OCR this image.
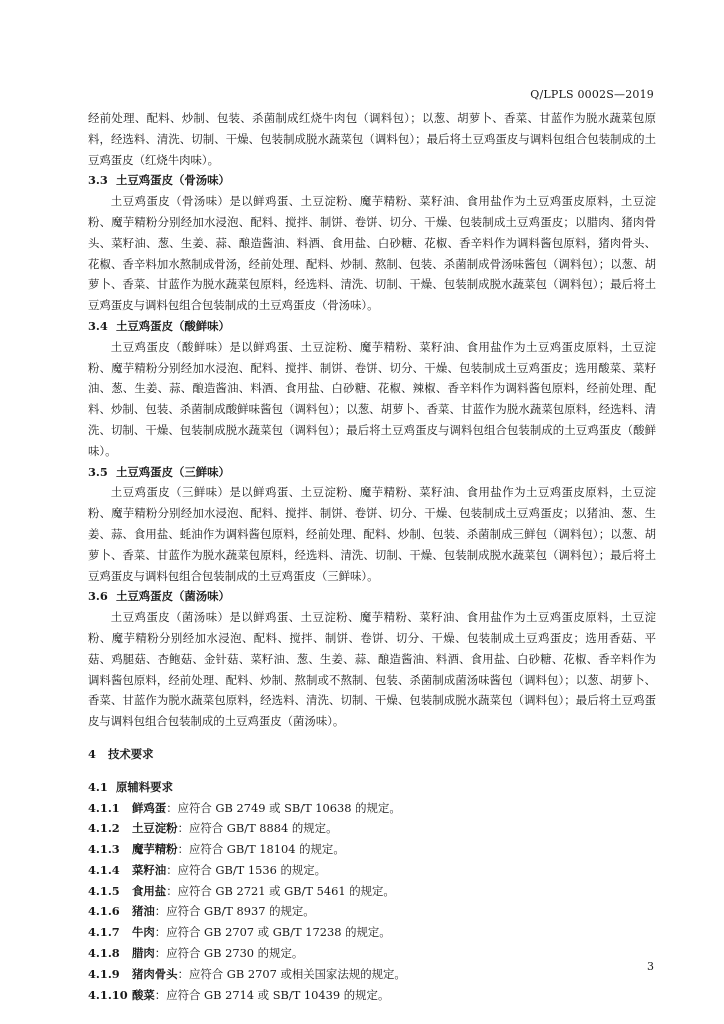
Q/LPLS 0002S—2019

经前处理、配料、炒制、包装、杀菌制成红烧牛肉包（调料包）；以葱、胡萝卜、香菜、甘蓝作为脱水蔬菜包原料，经选料、清洗、切制、干燥、包装制成脱水蔬菜包（调料包）；最后将土豆鸡蛋皮与调料包组合包装制成的土豆鸡蛋皮（红烧牛肉味）。

3.3 土豆鸡蛋皮（骨汤味）

土豆鸡蛋皮（骨汤味）是以鲜鸡蛋、土豆淀粉、魔芋精粉、菜籽油、食用盐作为土豆鸡蛋皮原料，土豆淀粉、魔芋精粉分别经加水浸泡、配料、搅拌、制饼、卷饼、切分、干燥、包装制成土豆鸡蛋皮；以腊肉、猪肉骨头、菜籽油、葱、生姜、蒜、酿造酱油、料酒、食用盐、白砂糖、花椒、香辛料作为调料酱包原料，猪肉骨头、花椒、香辛料加水熬制成骨汤，经前处理、配料、炒制、熬制、包装、杀菌制成骨汤味酱包（调料包）；以葱、胡萝卜、香菜、甘蓝作为脱水蔬菜包原料，经选料、清洗、切制、干燥、包装制成脱水蔬菜包（调料包）；最后将土豆鸡蛋皮与调料包组合包装制成的土豆鸡蛋皮（骨汤味）。

3.4 土豆鸡蛋皮（酸鲜味）

土豆鸡蛋皮（酸鲜味）是以鲜鸡蛋、土豆淀粉、魔芋精粉、菜籽油、食用盐作为土豆鸡蛋皮原料，土豆淀粉、魔芋精粉分别经加水浸泡、配料、搅拌、制饼、卷饼、切分、干燥、包装制成土豆鸡蛋皮；选用酸菜、菜籽油、葱、生姜、蒜、酿造酱油、料酒、食用盐、白砂糖、花椒、辣椒、香辛料作为调料酱包原料，经前处理、配料、炒制、包装、杀菌制成酸鲜味酱包（调料包）；以葱、胡萝卜、香菜、甘蓝作为脱水蔬菜包原料，经选料、清洗、切制、干燥、包装制成脱水蔬菜包（调料包）；最后将土豆鸡蛋皮与调料包组合包装制成的土豆鸡蛋皮（酸鲜味）。

3.5 土豆鸡蛋皮（三鲜味）

土豆鸡蛋皮（三鲜味）是以鲜鸡蛋、土豆淀粉、魔芋精粉、菜籽油、食用盐作为土豆鸡蛋皮原料，土豆淀粉、魔芋精粉分别经加水浸泡、配料、搅拌、制饼、卷饼、切分、干燥、包装制成土豆鸡蛋皮；以猪油、葱、生姜、蒜、食用盐、蚝油作为调料酱包原料，经前处理、配料、炒制、包装、杀菌制成三鲜包（调料包）；以葱、胡萝卜、香菜、甘蓝作为脱水蔬菜包原料，经选料、清洗、切制、干燥、包装制成脱水蔬菜包（调料包）；最后将土豆鸡蛋皮与调料包组合包装制成的土豆鸡蛋皮（三鲜味）。

3.6 土豆鸡蛋皮（菌汤味）

土豆鸡蛋皮（菌汤味）是以鲜鸡蛋、土豆淀粉、魔芋精粉、菜籽油、食用盐作为土豆鸡蛋皮原料，土豆淀粉、魔芋精粉分别经加水浸泡、配料、搅拌、制饼、卷饼、切分、干燥、包装制成土豆鸡蛋皮；选用香菇、平菇、鸡腿菇、杏鲍菇、金针菇、菜籽油、葱、生姜、蒜、酿造酱油、料酒、食用盐、白砂糖、花椒、香辛料作为调料酱包原料，经前处理、配料、炒制、熬制或不熬制、包装、杀菌制成菌汤味酱包（调料包）；以葱、胡萝卜、香菜、甘蓝作为脱水蔬菜包原料，经选料、清洗、切制、干燥、包装制成脱水蔬菜包（调料包）；最后将土豆鸡蛋皮与调料包组合包装制成的土豆鸡蛋皮（菌汤味）。

4 技术要求

4.1 原辅料要求

4.1.1 鲜鸡蛋：应符合 GB 2749 或 SB/T 10638 的规定。

4.1.2 土豆淀粉：应符合 GB/T 8884 的规定。

4.1.3 魔芋精粉：应符合 GB/T 18104 的规定。

4.1.4 菜籽油：应符合 GB/T 1536 的规定。

4.1.5 食用盐：应符合 GB 2721 或 GB/T 5461 的规定。

4.1.6 猪油：应符合 GB/T 8937 的规定。

4.1.7 牛肉：应符合 GB 2707 或 GB/T 17238 的规定。

4.1.8 腊肉：应符合 GB 2730 的规定。

4.1.9 猪肉骨头：应符合 GB 2707 或相关国家法规的规定。

4.1.10 酸菜：应符合 GB 2714 或 SB/T 10439 的规定。

3
